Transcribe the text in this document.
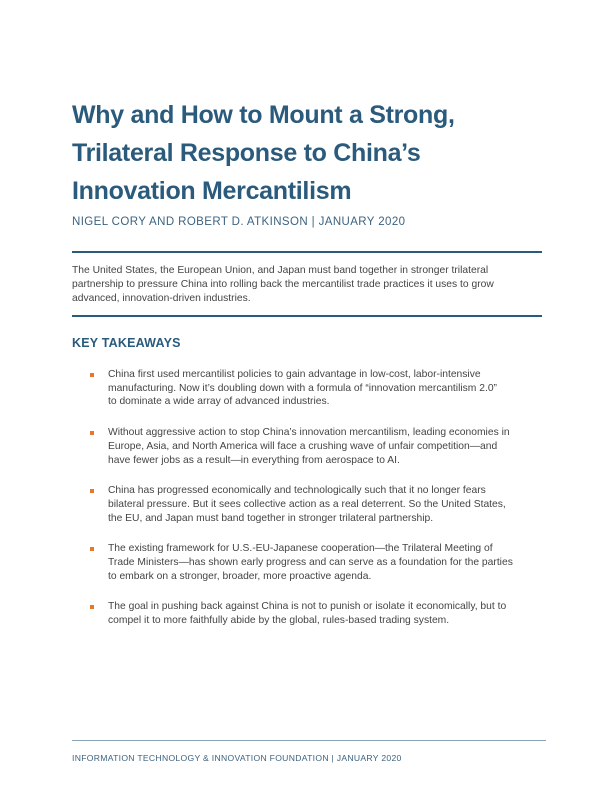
Why and How to Mount a Strong,
Trilateral Response to China’s
Innovation Mercantilism
NIGEL CORY AND ROBERT D. ATKINSON | JANUARY 2020

The United States, the European Union, and Japan must band together in stronger trilateral
partnership to pressure China into rolling back the mercantilist trade practices it uses to grow
advanced, innovation-driven industries.

KEY TAKEAWAYS
China first used mercantilist policies to gain advantage in low-cost, labor-intensive
manufacturing. Now it’s doubling down with a formula of “innovation mercantilism 2.0”
to dominate a wide array of advanced industries.
Without aggressive action to stop China’s innovation mercantilism, leading economies in
Europe, Asia, and North America will face a crushing wave of unfair competition—and
have fewer jobs as a result—in everything from aerospace to AI.
China has progressed economically and technologically such that it no longer fears
bilateral pressure. But it sees collective action as a real deterrent. So the United States,
the EU, and Japan must band together in stronger trilateral partnership.
The existing framework for U.S.-EU-Japanese cooperation—the Trilateral Meeting of
Trade Ministers—has shown early progress and can serve as a foundation for the parties
to embark on a stronger, broader, more proactive agenda.
The goal in pushing back against China is not to punish or isolate it economically, but to
compel it to more faithfully abide by the global, rules-based trading system.
INFORMATION TECHNOLOGY & INNOVATION FOUNDATION | JANUARY 2020
